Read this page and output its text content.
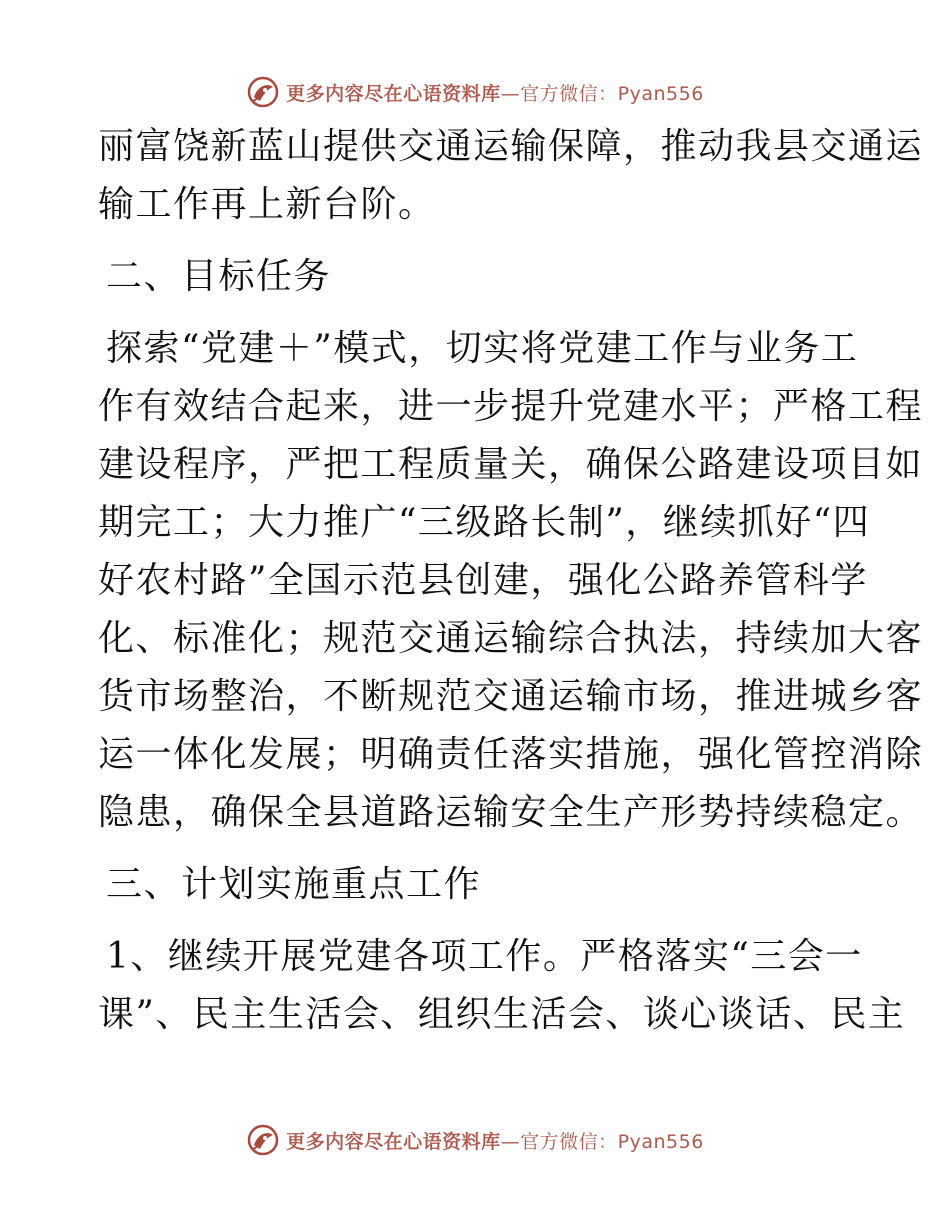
更多内容尽在心语资料库—官方微信：Pyan556
丽富饶新蓝山提供交通运输保障，推动我县交通运
输工作再上新台阶。
二、目标任务
探索“党建＋”模式，切实将党建工作与业务工
作有效结合起来，进一步提升党建水平；严格工程
建设程序，严把工程质量关，确保公路建设项目如
期完工；大力推广“三级路长制”，继续抓好“四
好农村路”全国示范县创建，强化公路养管科学
化、标准化；规范交通运输综合执法，持续加大客
货市场整治，不断规范交通运输市场，推进城乡客
运一体化发展；明确责任落实措施，强化管控消除
隐患，确保全县道路运输安全生产形势持续稳定。
三、计划实施重点工作
1、继续开展党建各项工作。严格落实“三会一
课”、民主生活会、组织生活会、谈心谈话、民主
更多内容尽在心语资料库—官方微信：Pyan556
